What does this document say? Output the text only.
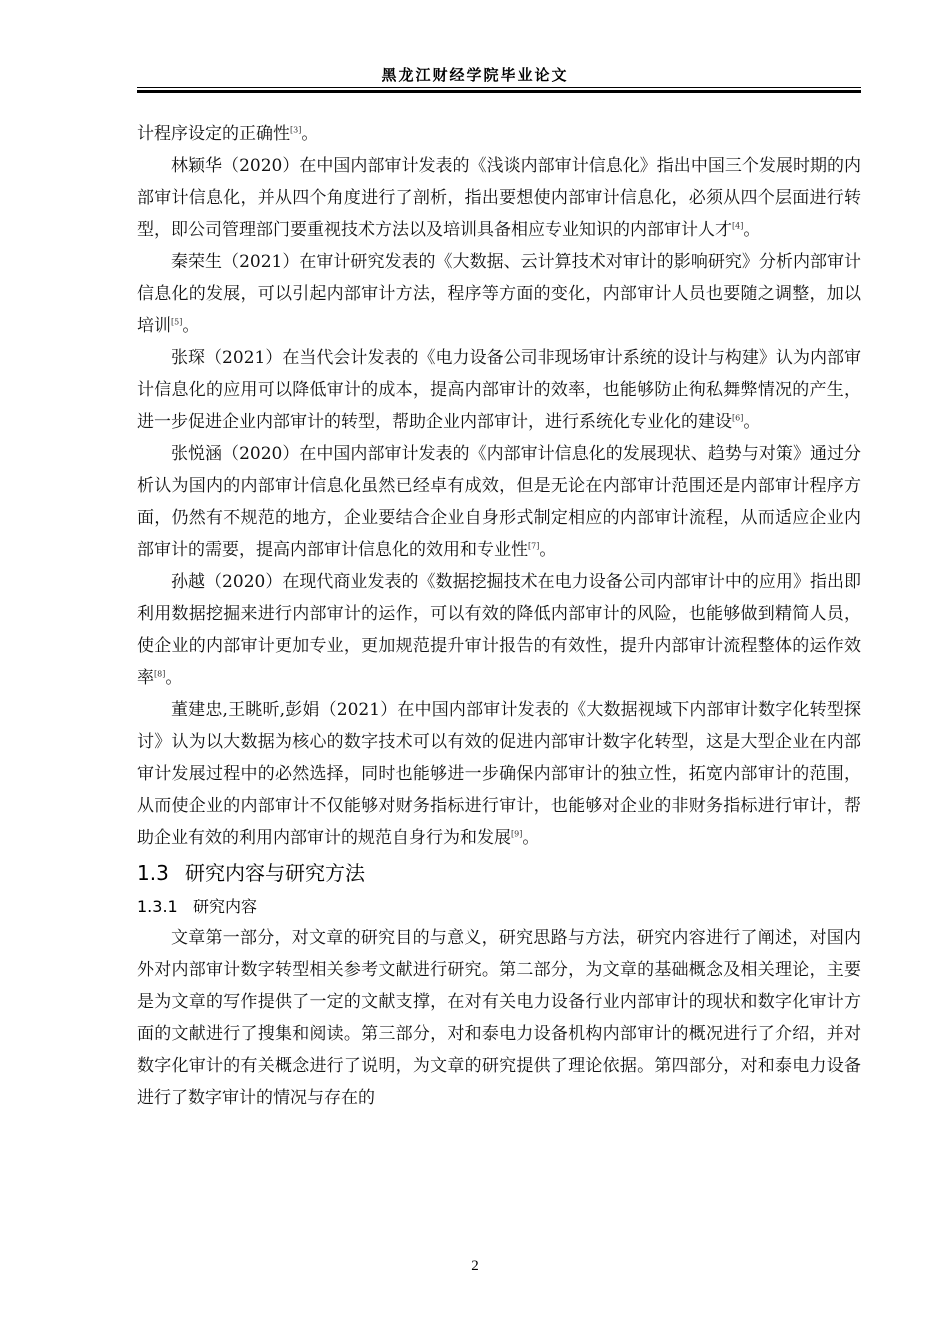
黑龙江财经学院毕业论文

计程序设定的正确性[3]。

林颖华（2020）在中国内部审计发表的《浅谈内部审计信息化》指出中国三个发展时期的内部审计信息化，并从四个角度进行了剖析，指出要想使内部审计信息化，必须从四个层面进行转型，即公司管理部门要重视技术方法以及培训具备相应专业知识的内部审计人才[4]。

秦荣生（2021）在审计研究发表的《大数据、云计算技术对审计的影响研究》分析内部审计信息化的发展，可以引起内部审计方法，程序等方面的变化，内部审计人员也要随之调整，加以培训[5]。

张琛（2021）在当代会计发表的《电力设备公司非现场审计系统的设计与构建》认为内部审计信息化的应用可以降低审计的成本，提高内部审计的效率，也能够防止徇私舞弊情况的产生，进一步促进企业内部审计的转型，帮助企业内部审计，进行系统化专业化的建设[6]。

张悦涵（2020）在中国内部审计发表的《内部审计信息化的发展现状、趋势与对策》通过分析认为国内的内部审计信息化虽然已经卓有成效，但是无论在内部审计范围还是内部审计程序方面，仍然有不规范的地方，企业要结合企业自身形式制定相应的内部审计流程，从而适应企业内部审计的需要，提高内部审计信息化的效用和专业性[7]。

孙越（2020）在现代商业发表的《数据挖掘技术在电力设备公司内部审计中的应用》指出即利用数据挖掘来进行内部审计的运作，可以有效的降低内部审计的风险，也能够做到精简人员，使企业的内部审计更加专业，更加规范提升审计报告的有效性，提升内部审计流程整体的运作效率[8]。

董建忠,王眺昕,彭娟（2021）在中国内部审计发表的《大数据视域下内部审计数字化转型探讨》认为以大数据为核心的数字技术可以有效的促进内部审计数字化转型，这是大型企业在内部审计发展过程中的必然选择，同时也能够进一步确保内部审计的独立性，拓宽内部审计的范围，从而使企业的内部审计不仅能够对财务指标进行审计，也能够对企业的非财务指标进行审计，帮助企业有效的利用内部审计的规范自身行为和发展[9]。

1.3 研究内容与研究方法
1.3.1 研究内容

文章第一部分，对文章的研究目的与意义，研究思路与方法，研究内容进行了阐述，对国内外对内部审计数字转型相关参考文献进行研究。第二部分，为文章的基础概念及相关理论，主要是为文章的写作提供了一定的文献支撑，在对有关电力设备行业内部审计的现状和数字化审计方面的文献进行了搜集和阅读。第三部分，对和泰电力设备机构内部审计的概况进行了介绍，并对数字化审计的有关概念进行了说明，为文章的研究提供了理论依据。第四部分，对和泰电力设备进行了数字审计的情况与存在的

2
